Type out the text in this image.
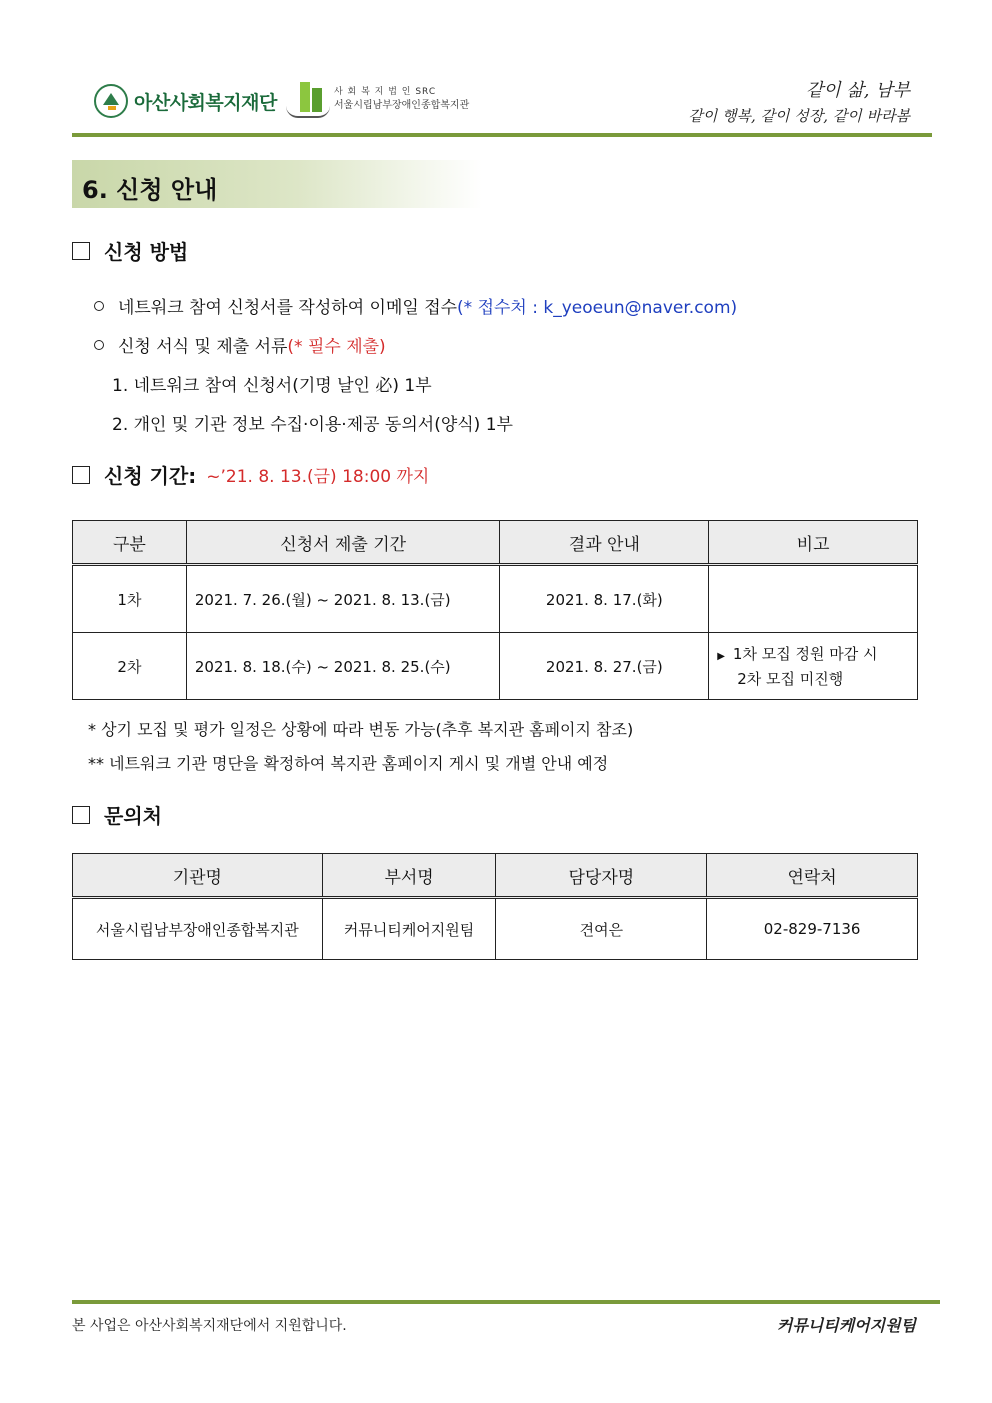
아산사회복지재단	사 회 복 지 법 인 SRC
서울시립남부장애인종합복지관
같이 삶, 남부
같이 행복, 같이 성장, 같이 바라봄
6. 신청 안내
신청 방법
네트워크 참여 신청서를 작성하여 이메일 접수 (* 접수처 : k_yeoeun@naver.com)
신청 서식 및 제출 서류 (* 필수 제출)
1. 네트워크 참여 신청서(기명 날인 必) 1부
2. 개인 및 기관 정보 수집·이용·제공 동의서(양식) 1부
신청 기간: ~’21. 8. 13.(금) 18:00 까지
구분	신청서 제출 기간	결과 안내	비고
1차	2021. 7. 26.(월) ~ 2021. 8. 13.(금)	2021. 8. 17.(화)	
2차	2021. 8. 18.(수) ~ 2021. 8. 25.(수)	2021. 8. 27.(금)	▶ 1차 모집 정원 마감 시
2차 모집 미진행
* 상기 모집 및 평가 일정은 상황에 따라 변동 가능(추후 복지관 홈페이지 참조)
** 네트워크 기관 명단을 확정하여 복지관 홈페이지 게시 및 개별 안내 예정
문의처
기관명	부서명	담당자명	연락처
서울시립남부장애인종합복지관	커뮤니티케어지원팀	견여은	02-829-7136
본 사업은 아산사회복지재단에서 지원합니다.	커뮤니티케어지원팀
